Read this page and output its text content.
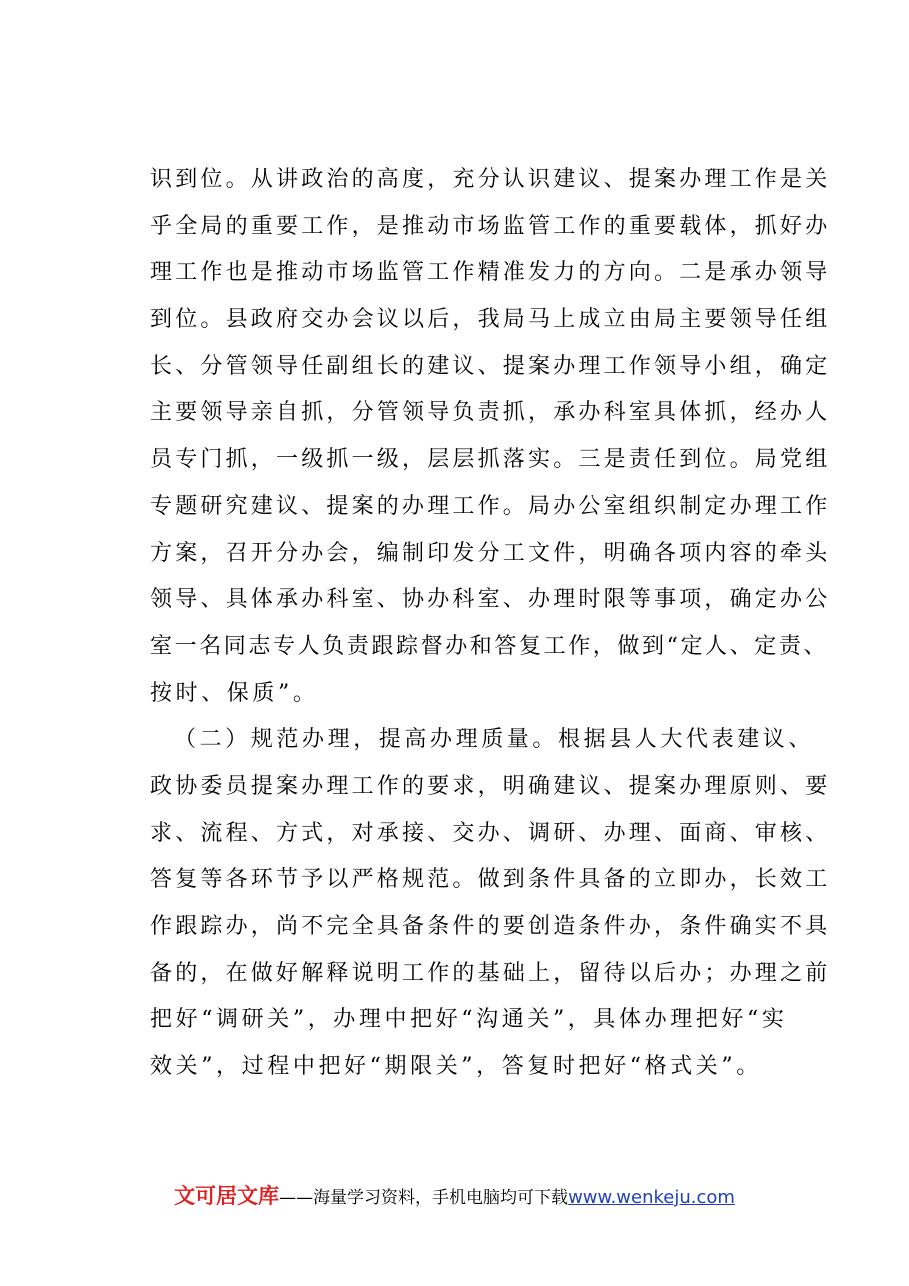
识到位。从讲政治的高度，充分认识建议、提案办理工作是关
乎全局的重要工作，是推动市场监管工作的重要载体，抓好办
理工作也是推动市场监管工作精准发力的方向。二是承办领导
到位。县政府交办会议以后，我局马上成立由局主要领导任组
长、分管领导任副组长的建议、提案办理工作领导小组，确定
主要领导亲自抓，分管领导负责抓，承办科室具体抓，经办人
员专门抓，一级抓一级，层层抓落实。三是责任到位。局党组
专题研究建议、提案的办理工作。局办公室组织制定办理工作
方案，召开分办会，编制印发分工文件，明确各项内容的牵头
领导、具体承办科室、协办科室、办理时限等事项，确定办公
室一名同志专人负责跟踪督办和答复工作，做到“定人、定责、
按时、保质”。
（二）规范办理，提高办理质量。根据县人大代表建议、
政协委员提案办理工作的要求，明确建议、提案办理原则、要
求、流程、方式，对承接、交办、调研、办理、面商、审核、
答复等各环节予以严格规范。做到条件具备的立即办，长效工
作跟踪办，尚不完全具备条件的要创造条件办，条件确实不具
备的，在做好解释说明工作的基础上，留待以后办；办理之前
把好“调研关”，办理中把好“沟通关”，具体办理把好“实
效关”，过程中把好“期限关”，答复时把好“格式关”。
文可居文库——海量学习资料，手机电脑均可下载www.wenkeju.com
